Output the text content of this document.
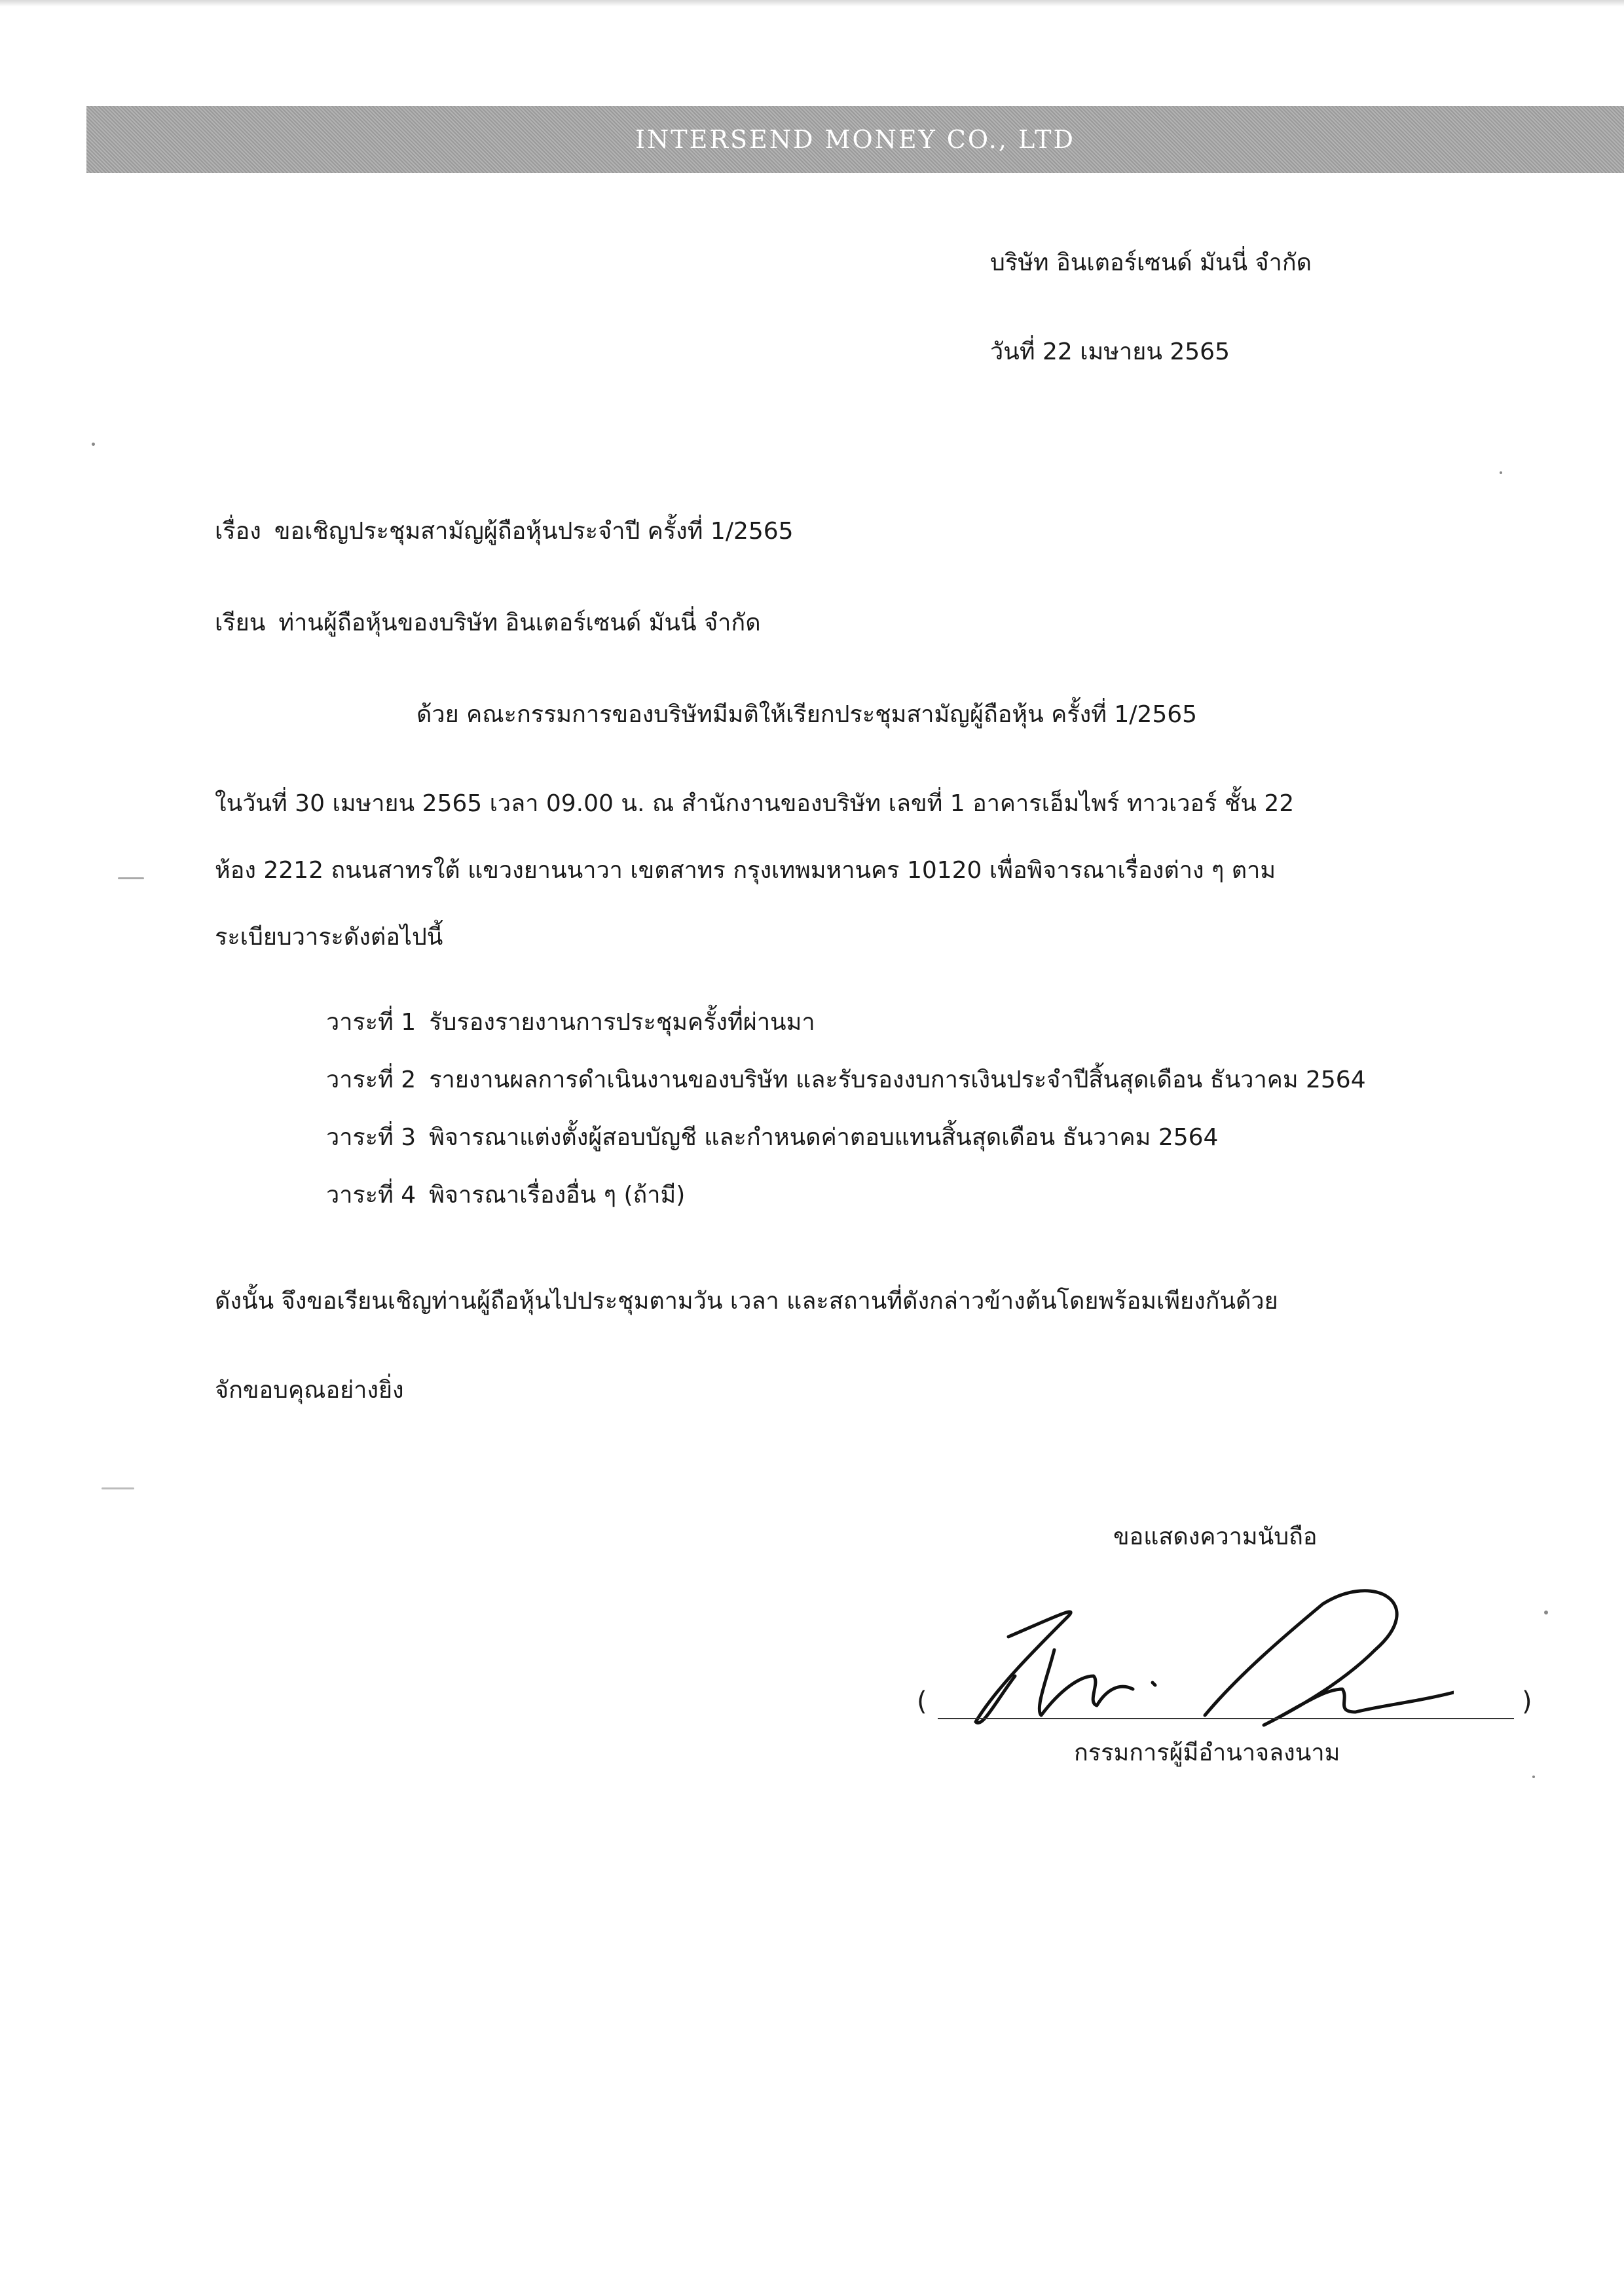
INTERSEND MONEY CO., LTD
บริษัท อินเตอร์เซนด์ มันนี่ จำกัด
วันที่ 22 เมษายน 2565
เรื่อง ขอเชิญประชุมสามัญผู้ถือหุ้นประจำปี ครั้งที่ 1/2565
เรียน ท่านผู้ถือหุ้นของบริษัท อินเตอร์เซนด์ มันนี่ จำกัด
ด้วย คณะกรรมการของบริษัทมีมติให้เรียกประชุมสามัญผู้ถือหุ้น ครั้งที่ 1/2565
ในวันที่ 30 เมษายน 2565 เวลา 09.00 น. ณ สำนักงานของบริษัท เลขที่ 1 อาคารเอ็มไพร์ ทาวเวอร์ ชั้น 22
ห้อง 2212 ถนนสาทรใต้ แขวงยานนาวา เขตสาทร กรุงเทพมหานคร 10120 เพื่อพิจารณาเรื่องต่าง ๆ ตาม
ระเบียบวาระดังต่อไปนี้
วาระที่ 1 รับรองรายงานการประชุมครั้งที่ผ่านมา
วาระที่ 2 รายงานผลการดำเนินงานของบริษัท และรับรองงบการเงินประจำปีสิ้นสุดเดือน ธันวาคม 2564
วาระที่ 3 พิจารณาแต่งตั้งผู้สอบบัญชี และกำหนดค่าตอบแทนสิ้นสุดเดือน ธันวาคม 2564
วาระที่ 4 พิจารณาเรื่องอื่น ๆ (ถ้ามี)
ดังนั้น จึงขอเรียนเชิญท่านผู้ถือหุ้นไปประชุมตามวัน เวลา และสถานที่ดังกล่าวข้างต้นโดยพร้อมเพียงกันด้วย
จักขอบคุณอย่างยิ่ง
ขอแสดงความนับถือ
(	)
กรรมการผู้มีอำนาจลงนาม
